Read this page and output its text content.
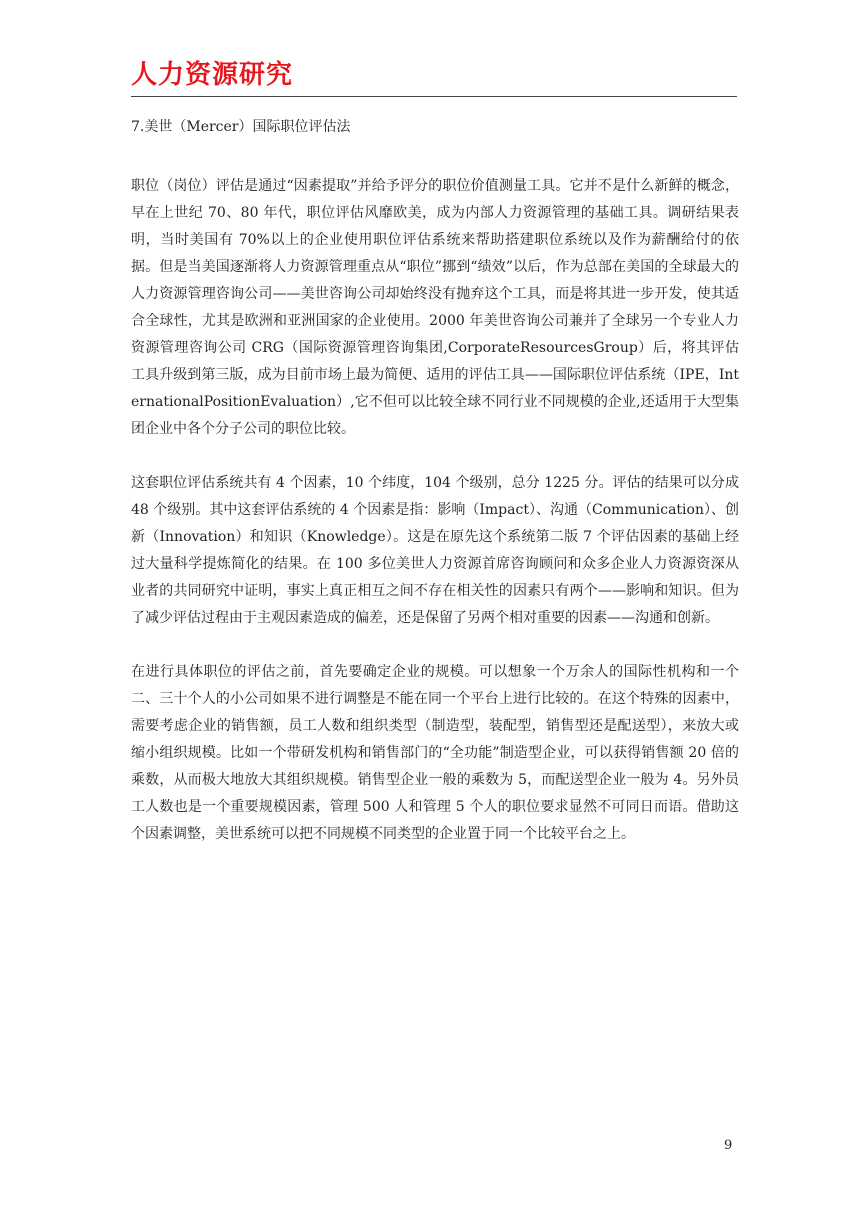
人力资源研究
7.美世（Mercer）国际职位评估法

职位（岗位）评估是通过“因素提取”并给予评分的职位价值测量工具。它并不是什么新鲜的概念，早在上世纪 70、80 年代，职位评估风靡欧美，成为内部人力资源管理的基础工具。调研结果表明，当时美国有 70%以上的企业使用职位评估系统来帮助搭建职位系统以及作为薪酬给付的依据。但是当美国逐渐将人力资源管理重点从“职位”挪到“绩效”以后，作为总部在美国的全球最大的人力资源管理咨询公司——美世咨询公司却始终没有抛弃这个工具，而是将其进一步开发，使其适合全球性，尤其是欧洲和亚洲国家的企业使用。2000 年美世咨询公司兼并了全球另一个专业人力资源管理咨询公司 CRG（国际资源管理咨询集团,CorporateResourcesGroup）后，将其评估工具升级到第三版，成为目前市场上最为简便、适用的评估工具——国际职位评估系统（IPE，InternationalPositionEvaluation）,它不但可以比较全球不同行业不同规模的企业,还适用于大型集团企业中各个分子公司的职位比较。

这套职位评估系统共有 4 个因素，10 个纬度，104 个级别，总分 1225 分。评估的结果可以分成 48 个级别。其中这套评估系统的 4 个因素是指：影响（Impact）、沟通（Communication）、创新（Innovation）和知识（Knowledge）。这是在原先这个系统第二版 7 个评估因素的基础上经过大量科学提炼简化的结果。在 100 多位美世人力资源首席咨询顾问和众多企业人力资源资深从业者的共同研究中证明，事实上真正相互之间不存在相关性的因素只有两个——影响和知识。但为了减少评估过程由于主观因素造成的偏差，还是保留了另两个相对重要的因素——沟通和创新。

在进行具体职位的评估之前，首先要确定企业的规模。可以想象一个万余人的国际性机构和一个二、三十个人的小公司如果不进行调整是不能在同一个平台上进行比较的。在这个特殊的因素中，需要考虑企业的销售额，员工人数和组织类型（制造型，装配型，销售型还是配送型），来放大或缩小组织规模。比如一个带研发机构和销售部门的“全功能”制造型企业，可以获得销售额 20 倍的乘数，从而极大地放大其组织规模。销售型企业一般的乘数为 5，而配送型企业一般为 4。另外员工人数也是一个重要规模因素，管理 500 人和管理 5 个人的职位要求显然不可同日而语。借助这个因素调整，美世系统可以把不同规模不同类型的企业置于同一个比较平台之上。

9
